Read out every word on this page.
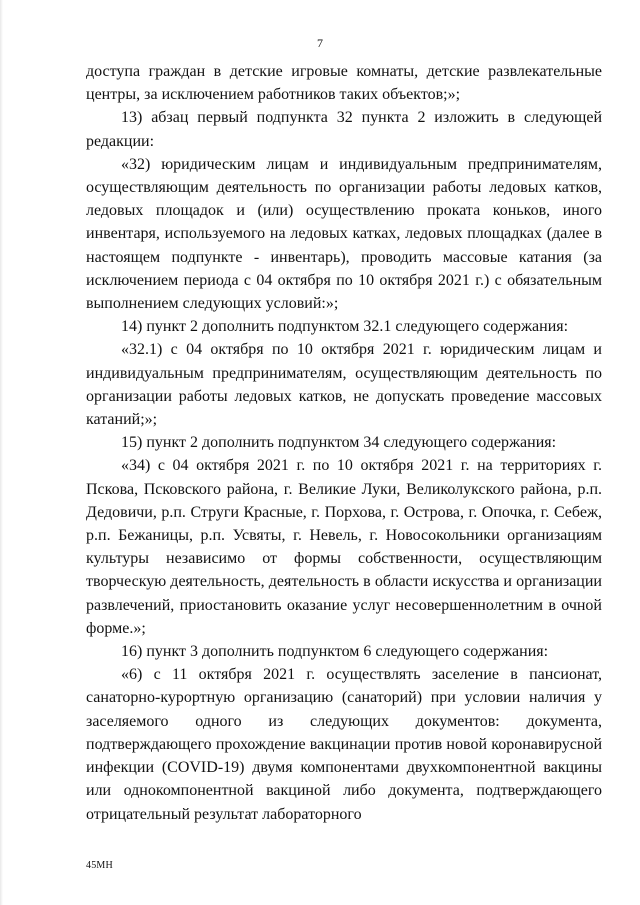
7

доступа граждан в детские игровые комнаты, детские развлекательные центры, за исключением работников таких объектов;»;

13) абзац первый подпункта 32 пункта 2 изложить в следующей редакции:

«32) юридическим лицам и индивидуальным предпринимателям, осуществляющим деятельность по организации работы ледовых катков, ледовых площадок и (или) осуществлению проката коньков, иного инвентаря, используемого на ледовых катках, ледовых площадках (далее в настоящем подпункте - инвентарь), проводить массовые катания (за исключением периода с 04 октября по 10 октября 2021 г.) с обязательным выполнением следующих условий:»;

14) пункт 2 дополнить подпунктом 32.1 следующего содержания:

«32.1) с 04 октября по 10 октября 2021 г. юридическим лицам и индивидуальным предпринимателям, осуществляющим деятельность по организации работы ледовых катков, не допускать проведение массовых катаний;»;

15) пункт 2 дополнить подпунктом 34 следующего содержания:

«34) с 04 октября 2021 г. по 10 октября 2021 г. на территориях г. Пскова, Псковского района, г. Великие Луки, Великолукского района, р.п. Дедовичи, р.п. Струги Красные, г. Порхова, г. Острова, г. Опочка, г. Себеж, р.п. Бежаницы, р.п. Усвяты, г. Невель, г. Новосокольники организациям культуры независимо от формы собственности, осуществляющим творческую деятельность, деятельность в области искусства и организации развлечений, приостановить оказание услуг несовершеннолетним в очной форме.»;

16) пункт 3 дополнить подпунктом 6 следующего содержания:

«6) с 11 октября 2021 г. осуществлять заселение в пансионат, санаторно-курортную организацию (санаторий) при условии наличия у заселяемого одного из следующих документов: документа, подтверждающего прохождение вакцинации против новой коронавирусной инфекции (COVID-19) двумя компонентами двухкомпонентной вакцины или однокомпонентной вакциной либо документа, подтверждающего отрицательный результат лабораторного

45МН
